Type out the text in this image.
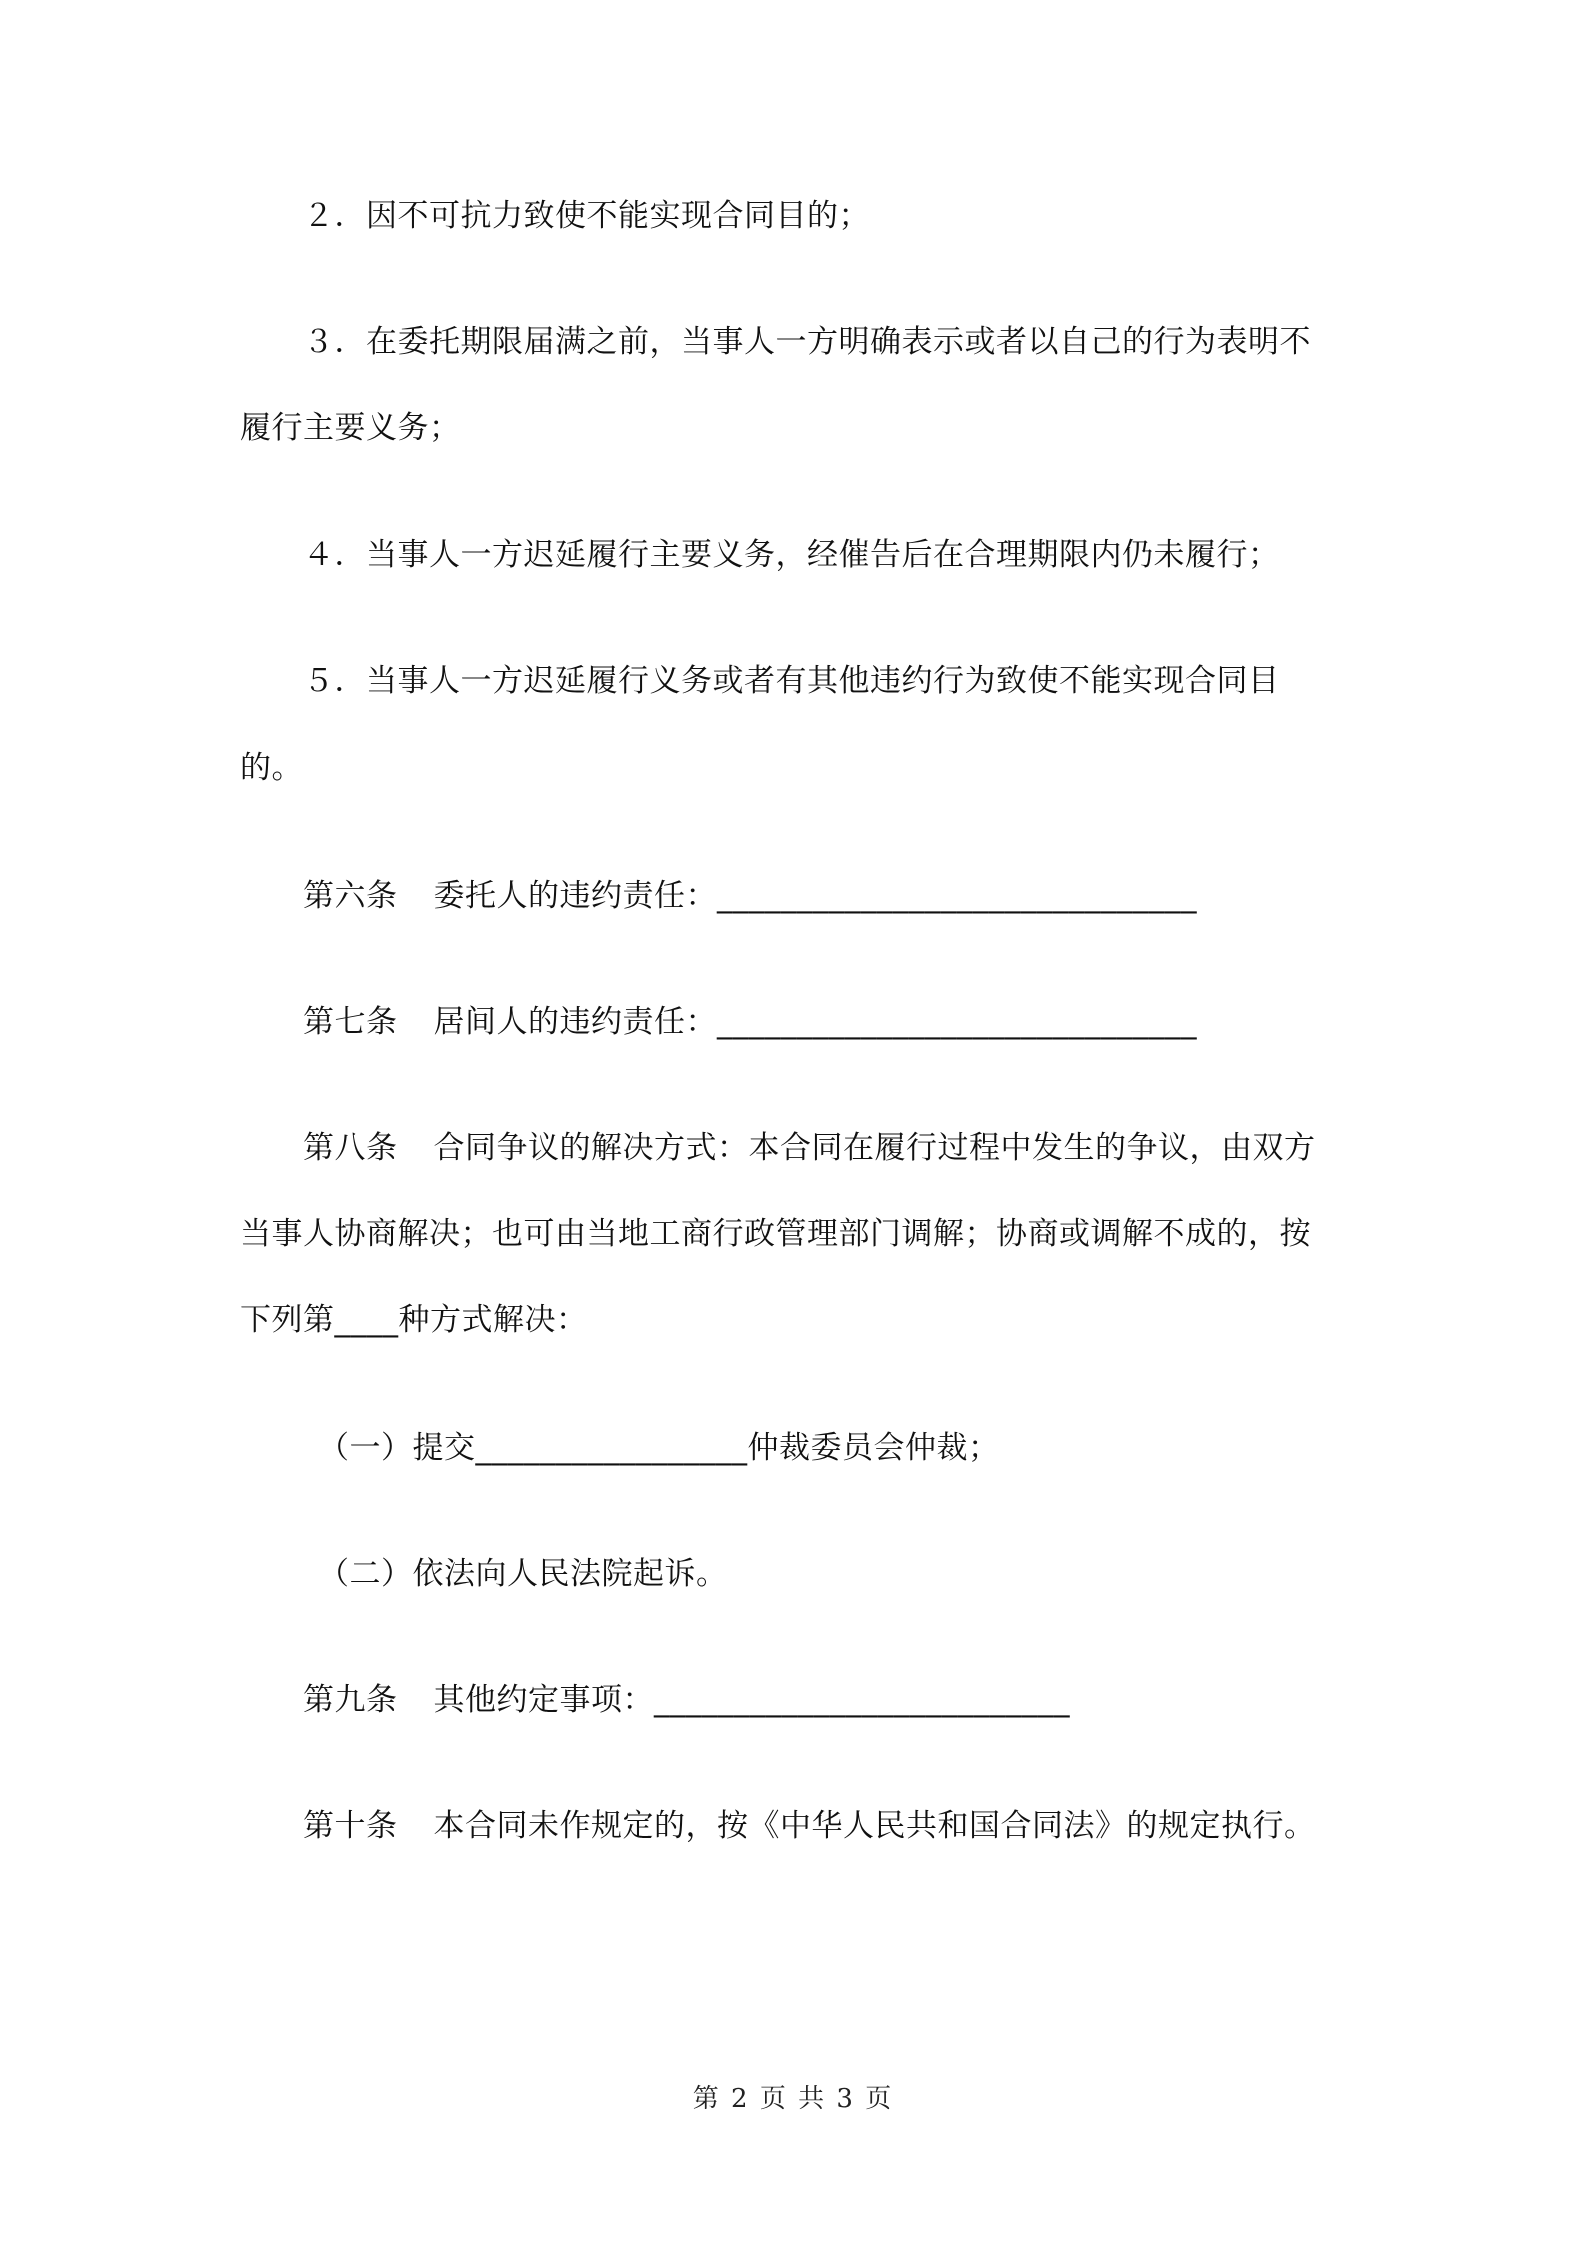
２．因不可抗力致使不能实现合同目的；
３．在委托期限届满之前，当事人一方明确表示或者以自己的行为表明不
履行主要义务；
４．当事人一方迟延履行主要义务，经催告后在合理期限内仍未履行；
５．当事人一方迟延履行义务或者有其他违约行为致使不能实现合同目
的。
第六条 委托人的违约责任：______________________________
第七条 居间人的违约责任：______________________________
第八条 合同争议的解决方式：本合同在履行过程中发生的争议，由双方
当事人协商解决；也可由当地工商行政管理部门调解；协商或调解不成的，按
下列第____种方式解决：
（一）提交_________________仲裁委员会仲裁；
（二）依法向人民法院起诉。
第九条 其他约定事项：__________________________
第十条 本合同未作规定的，按《中华人民共和国合同法》的规定执行。
第 2 页 共 3 页
